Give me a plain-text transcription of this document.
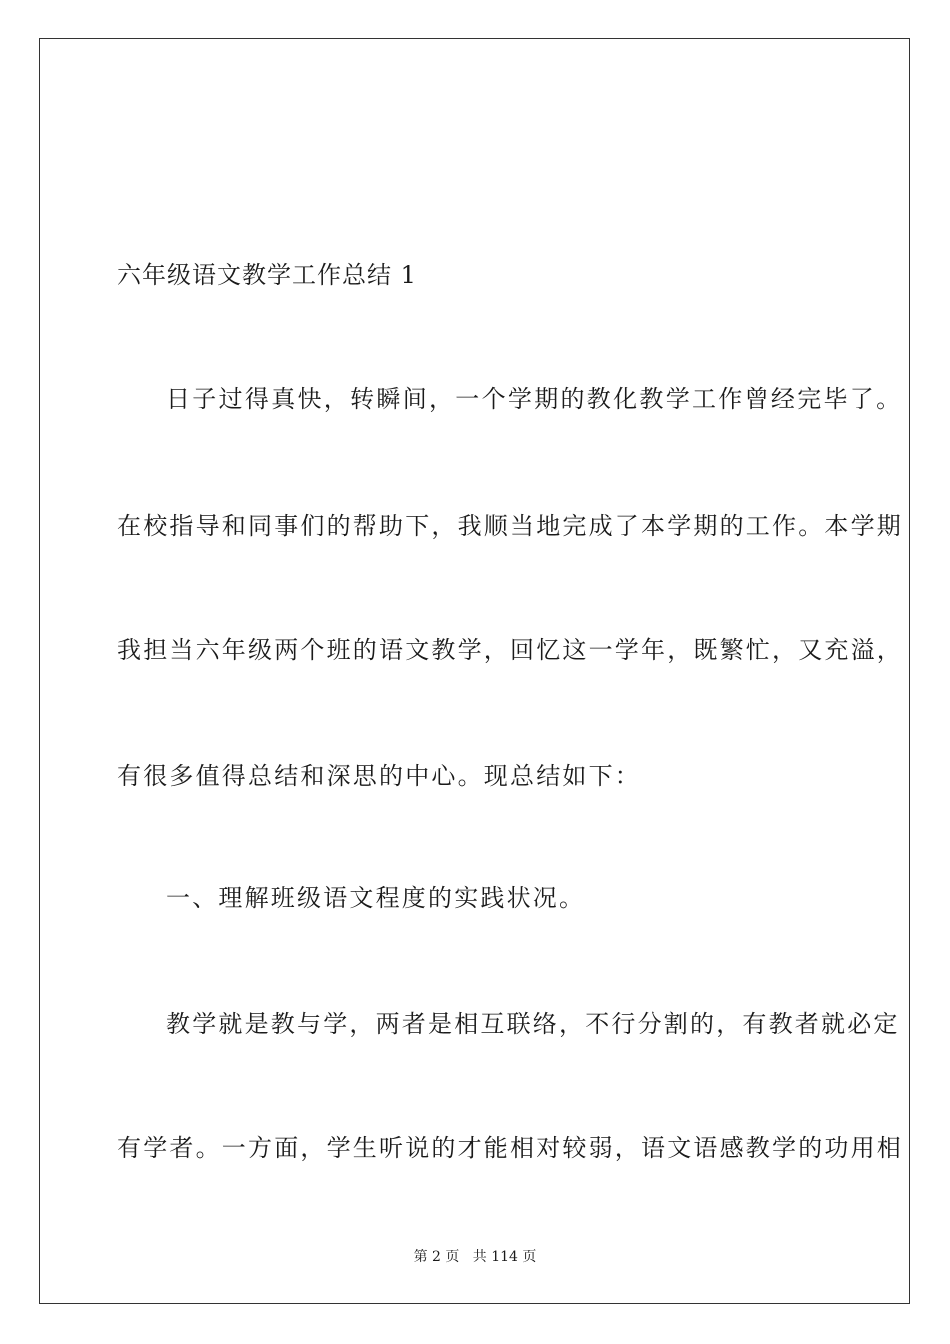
六年级语文教学工作总结 1
日子过得真快，转瞬间，一个学期的教化教学工作曾经完毕了。
在校指导和同事们的帮助下，我顺当地完成了本学期的工作。本学期
我担当六年级两个班的语文教学，回忆这一学年，既繁忙，又充溢，
有很多值得总结和深思的中心。现总结如下：
一、理解班级语文程度的实践状况。
教学就是教与学，两者是相互联络，不行分割的，有教者就必定
有学者。一方面，学生听说的才能相对较弱，语文语感教学的功用相
第 2 页 共 114 页
